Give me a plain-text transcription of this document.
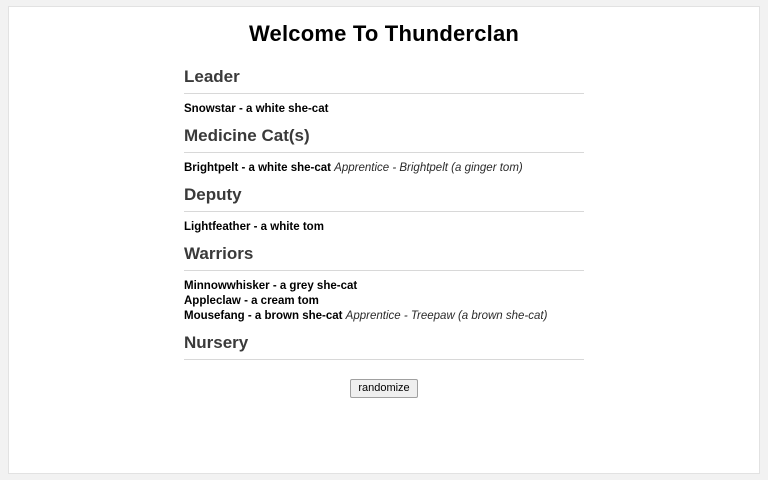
Welcome To Thunderclan
Leader
Snowstar - a white she-cat
Medicine Cat(s)
Brightpelt - a white she-cat Apprentice - Brightpelt (a ginger tom)
Deputy
Lightfeather - a white tom
Warriors
Minnowwhisker - a grey she-cat
Appleclaw - a cream tom
Mousefang - a brown she-cat Apprentice - Treepaw (a brown she-cat)
Nursery
randomize
